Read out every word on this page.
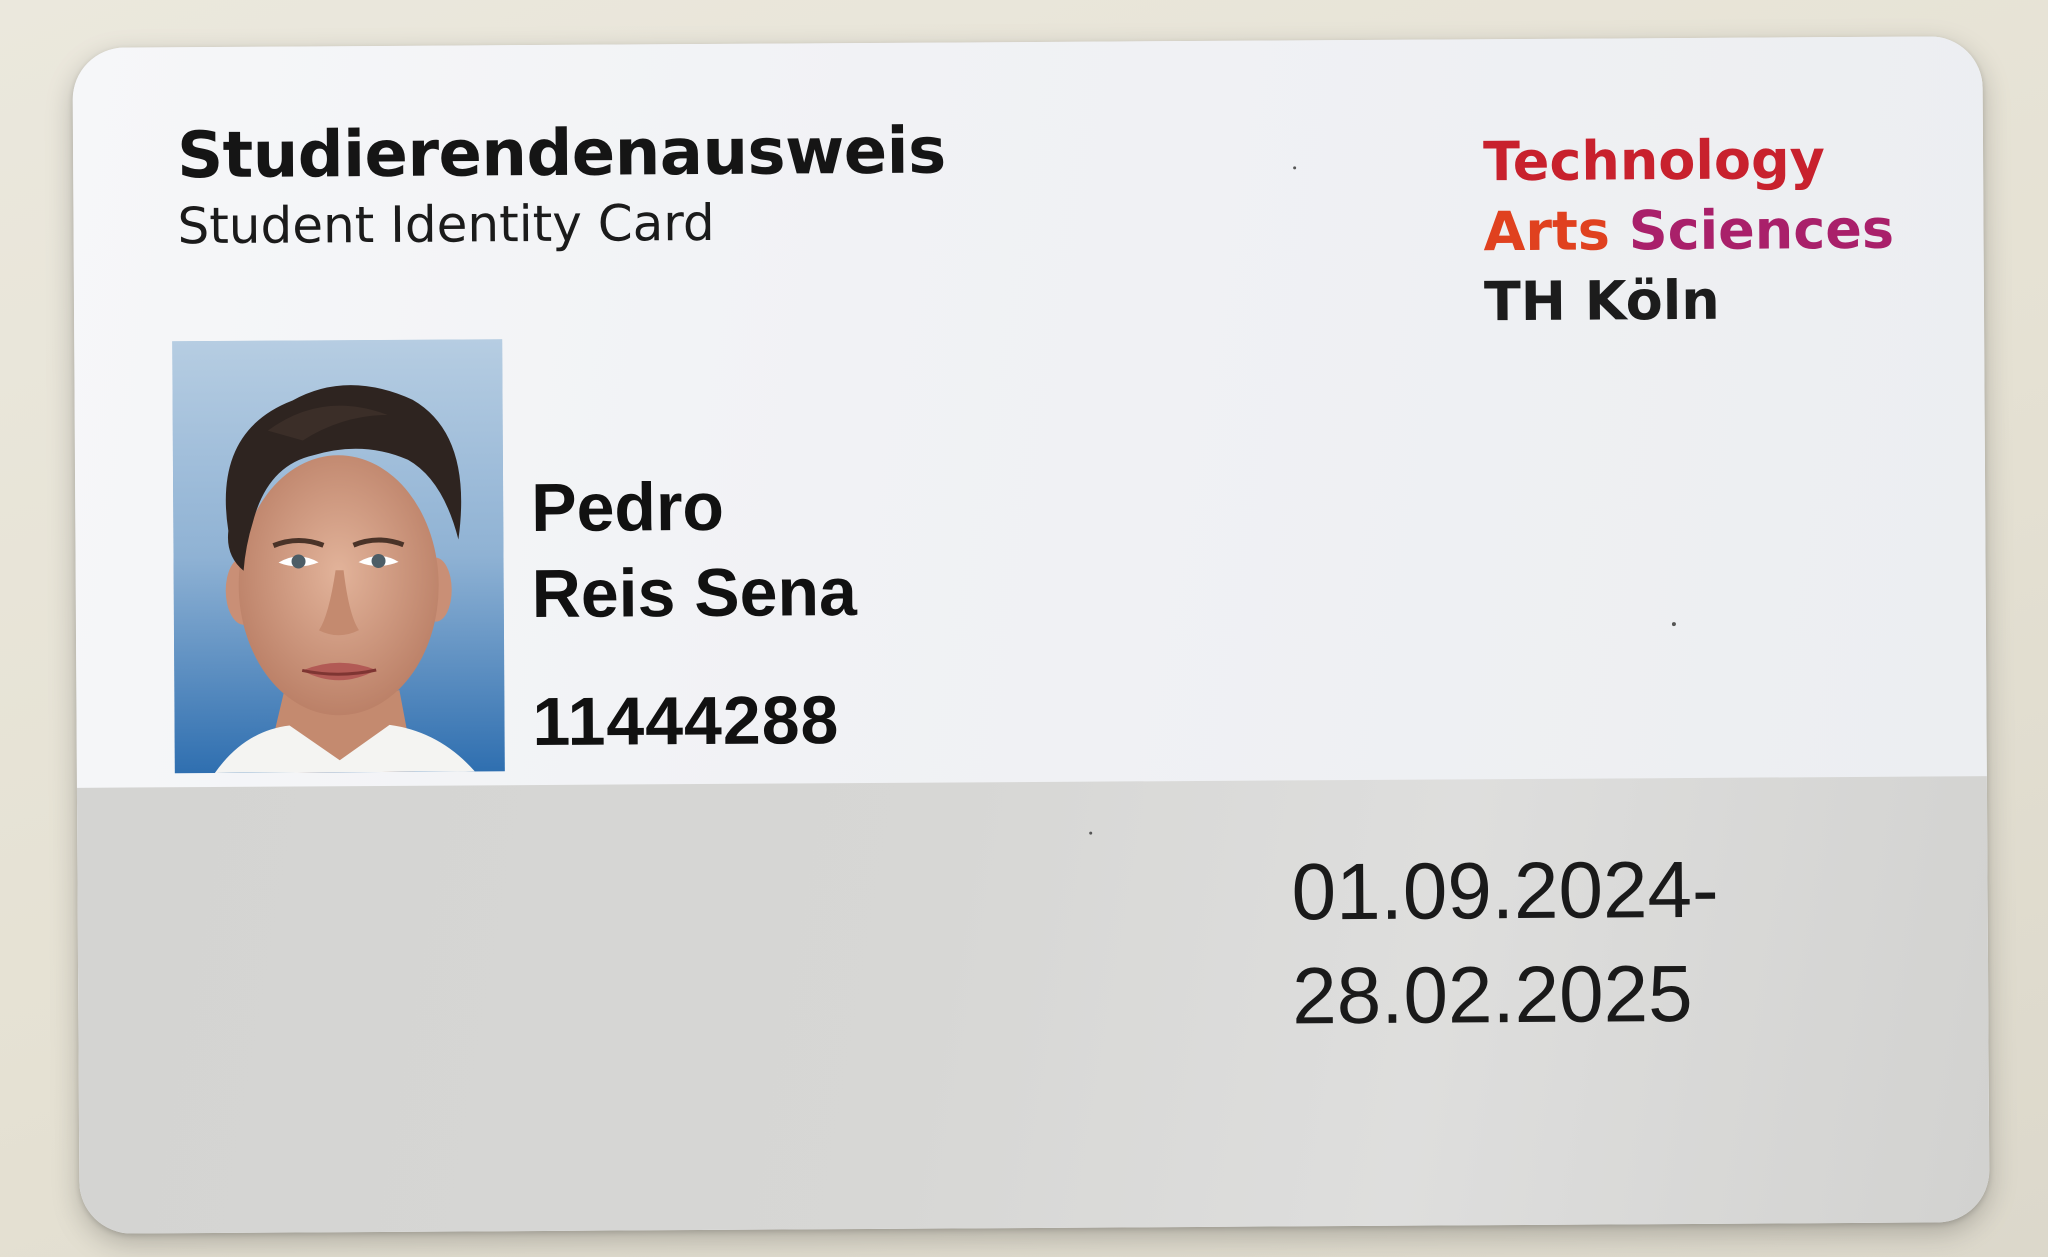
Studierendenausweis
Student Identity Card
Technology
Arts Sciences
TH Köln
Pedro
Reis Sena
11444288
01.09.2024-
28.02.2025
